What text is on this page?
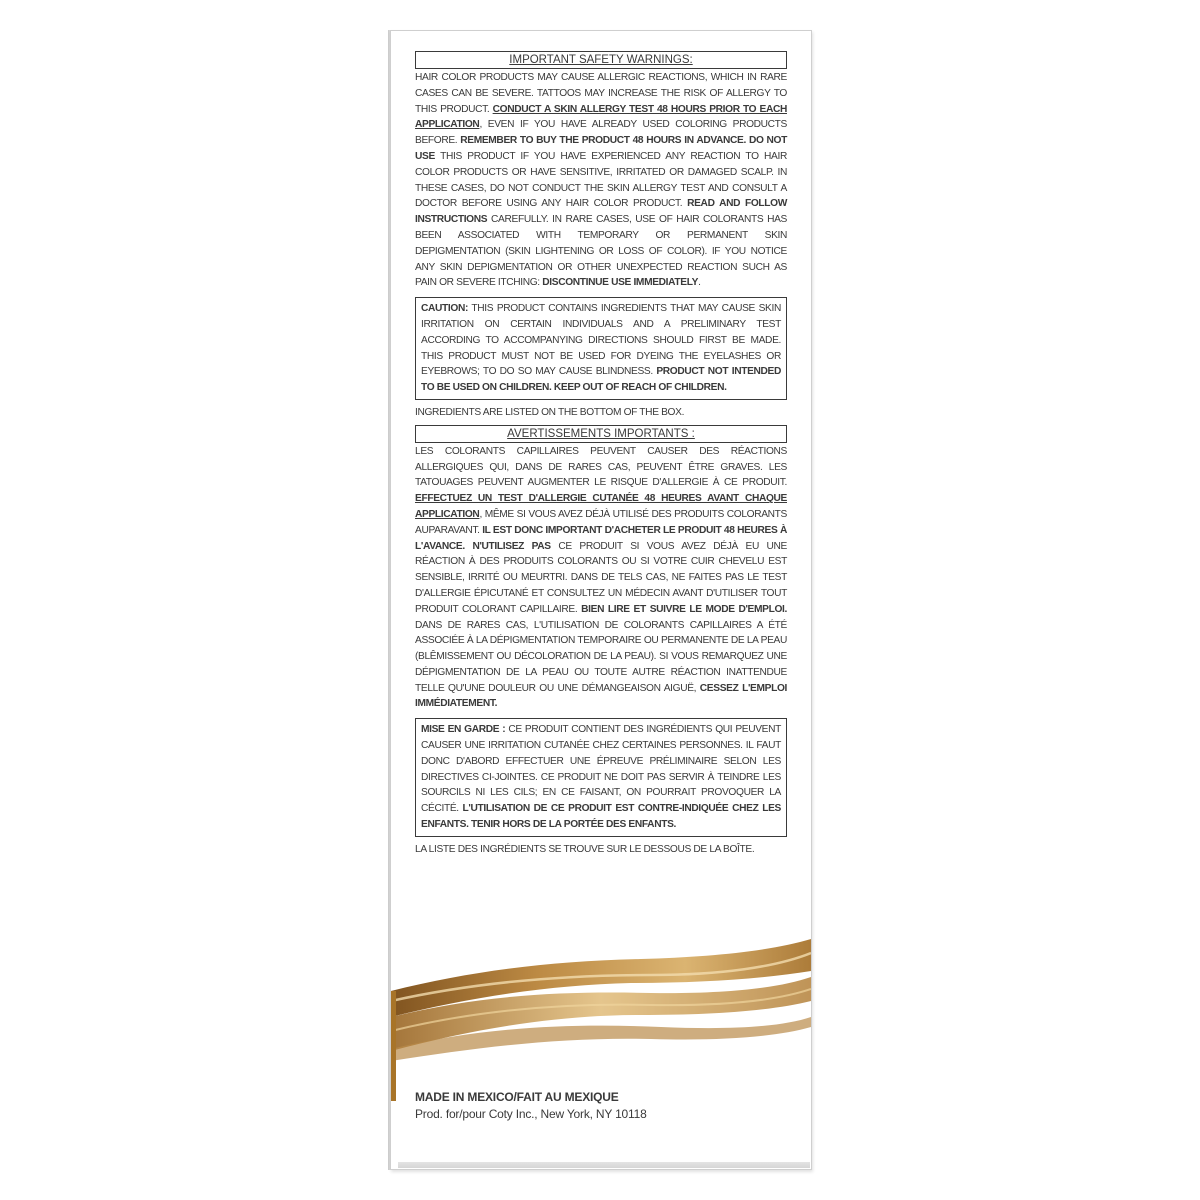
IMPORTANT SAFETY WARNINGS:

HAIR COLOR PRODUCTS MAY CAUSE ALLERGIC REACTIONS, WHICH IN RARE CASES CAN BE SEVERE. TATTOOS MAY INCREASE THE RISK OF ALLERGY TO THIS PRODUCT. CONDUCT A SKIN ALLERGY TEST 48 HOURS PRIOR TO EACH APPLICATION, EVEN IF YOU HAVE ALREADY USED COLORING PRODUCTS BEFORE. REMEMBER TO BUY THE PRODUCT 48 HOURS IN ADVANCE. DO NOT USE THIS PRODUCT IF YOU HAVE EXPERIENCED ANY REACTION TO HAIR COLOR PRODUCTS OR HAVE SENSITIVE, IRRITATED OR DAMAGED SCALP. IN THESE CASES, DO NOT CONDUCT THE SKIN ALLERGY TEST AND CONSULT A DOCTOR BEFORE USING ANY HAIR COLOR PRODUCT. READ AND FOLLOW INSTRUCTIONS CAREFULLY. IN RARE CASES, USE OF HAIR COLORANTS HAS BEEN ASSOCIATED WITH TEMPORARY OR PERMANENT SKIN DEPIGMENTATION (SKIN LIGHTENING OR LOSS OF COLOR). IF YOU NOTICE ANY SKIN DEPIGMENTATION OR OTHER UNEXPECTED REACTION SUCH AS PAIN OR SEVERE ITCHING: DISCONTINUE USE IMMEDIATELY.

CAUTION: THIS PRODUCT CONTAINS INGREDIENTS THAT MAY CAUSE SKIN IRRITATION ON CERTAIN INDIVIDUALS AND A PRELIMINARY TEST ACCORDING TO ACCOMPANYING DIRECTIONS SHOULD FIRST BE MADE. THIS PRODUCT MUST NOT BE USED FOR DYEING THE EYELASHES OR EYEBROWS; TO DO SO MAY CAUSE BLINDNESS. PRODUCT NOT INTENDED TO BE USED ON CHILDREN. KEEP OUT OF REACH OF CHILDREN.
INGREDIENTS ARE LISTED ON THE BOTTOM OF THE BOX.
AVERTISSEMENTS IMPORTANTS :

LES COLORANTS CAPILLAIRES PEUVENT CAUSER DES RÉACTIONS ALLERGIQUES QUI, DANS DE RARES CAS, PEUVENT ÊTRE GRAVES. LES TATOUAGES PEUVENT AUGMENTER LE RISQUE D'ALLERGIE À CE PRODUIT. EFFECTUEZ UN TEST D'ALLERGIE CUTANÉE 48 HEURES AVANT CHAQUE APPLICATION, MÊME SI VOUS AVEZ DÉJÀ UTILISÉ DES PRODUITS COLORANTS AUPARAVANT. IL EST DONC IMPORTANT D'ACHETER LE PRODUIT 48 HEURES À L'AVANCE. N'UTILISEZ PAS CE PRODUIT SI VOUS AVEZ DÉJÀ EU UNE RÉACTION À DES PRODUITS COLORANTS OU SI VOTRE CUIR CHEVELU EST SENSIBLE, IRRITÉ OU MEURTRI. DANS DE TELS CAS, NE FAITES PAS LE TEST D'ALLERGIE ÉPICUTANÉ ET CONSULTEZ UN MÉDECIN AVANT D'UTILISER TOUT PRODUIT COLORANT CAPILLAIRE. BIEN LIRE ET SUIVRE LE MODE D'EMPLOI. DANS DE RARES CAS, L'UTILISATION DE COLORANTS CAPILLAIRES A ÉTÉ ASSOCIÉE À LA DÉPIGMENTATION TEMPORAIRE OU PERMANENTE DE LA PEAU (BLÊMISSEMENT OU DÉCOLORATION DE LA PEAU). SI VOUS REMARQUEZ UNE DÉPIGMENTATION DE LA PEAU OU TOUTE AUTRE RÉACTION INATTENDUE TELLE QU'UNE DOULEUR OU UNE DÉMANGEAISON AIGUË, CESSEZ L'EMPLOI IMMÉDIATEMENT.

MISE EN GARDE : CE PRODUIT CONTIENT DES INGRÉDIENTS QUI PEUVENT CAUSER UNE IRRITATION CUTANÉE CHEZ CERTAINES PERSONNES. IL FAUT DONC D'ABORD EFFECTUER UNE ÉPREUVE PRÉLIMINAIRE SELON LES DIRECTIVES CI-JOINTES. CE PRODUIT NE DOIT PAS SERVIR À TEINDRE LES SOURCILS NI LES CILS; EN CE FAISANT, ON POURRAIT PROVOQUER LA CÉCITÉ. L'UTILISATION DE CE PRODUIT EST CONTRE-INDIQUÉE CHEZ LES ENFANTS. TENIR HORS DE LA PORTÉE DES ENFANTS.
LA LISTE DES INGRÉDIENTS SE TROUVE SUR LE DESSOUS DE LA BOÎTE.
MADE IN MEXICO/FAIT AU MEXIQUE
Prod. for/pour Coty Inc., New York, NY 10118
